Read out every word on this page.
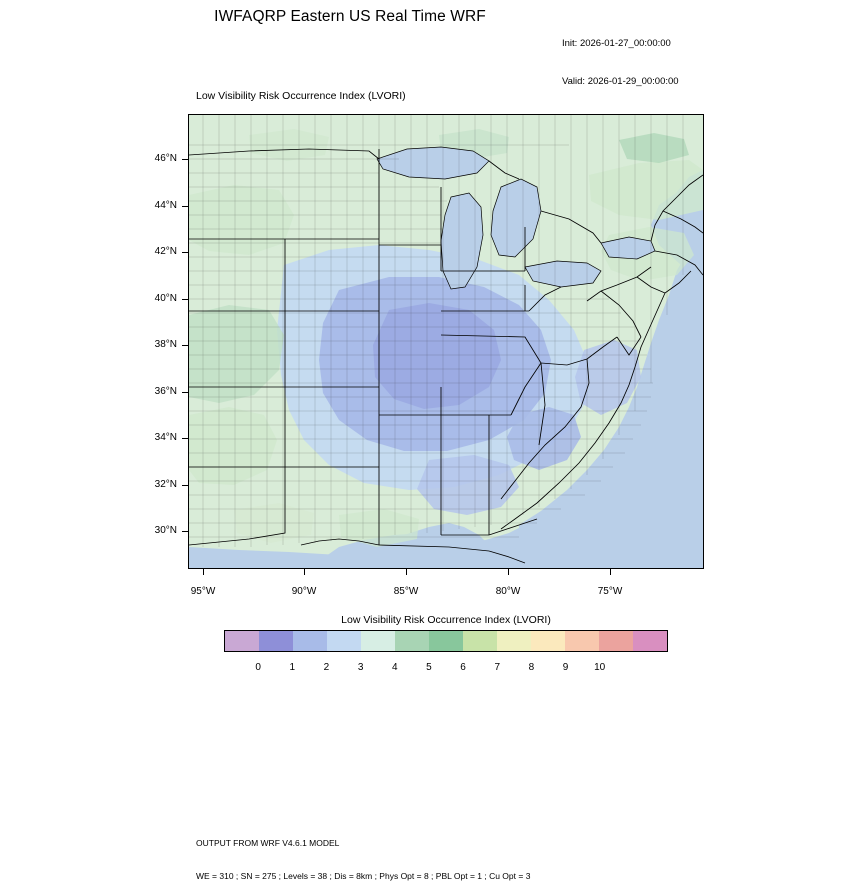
IWFAQRP Eastern US Real Time WRF

Init: 2026-01-27_00:00:00

Valid: 2026-01-29_00:00:00

Low Visibility Risk Occurrence Index (LVORI)
46°N
44°N
42°N
40°N
38°N
36°N
34°N
32°N
30°N
95°W	90°W	85°W	80°W	75°W
Low Visibility Risk Occurrence Index (LVORI)
0	1	2	3	4	5	6	7	8	9	10

OUTPUT FROM WRF V4.6.1 MODEL

WE = 310 ; SN = 275 ; Levels = 38 ; Dis = 8km ; Phys Opt = 8 ; PBL Opt = 1 ; Cu Opt = 3
